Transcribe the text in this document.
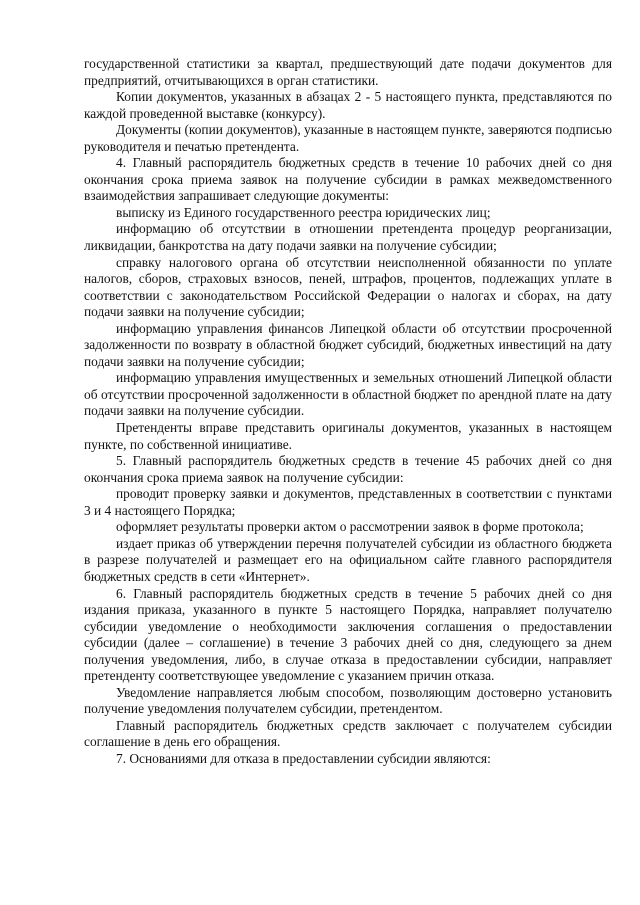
государственной статистики за квартал, предшествующий дате подачи документов для предприятий, отчитывающихся в орган статистики.

Копии документов, указанных в абзацах 2 - 5 настоящего пункта, представляются по каждой проведенной выставке (конкурсу).

Документы (копии документов), указанные в настоящем пункте, заверяются подписью руководителя и печатью претендента.

4. Главный распорядитель бюджетных средств в течение 10 рабочих дней со дня окончания срока приема заявок на получение субсидии в рамках межведомственного взаимодействия запрашивает следующие документы:

выписку из Единого государственного реестра юридических лиц;

информацию об отсутствии в отношении претендента процедур реорганизации, ликвидации, банкротства на дату подачи заявки на получение субсидии;

справку налогового органа об отсутствии неисполненной обязанности по уплате налогов, сборов, страховых взносов, пеней, штрафов, процентов, подлежащих уплате в соответствии с законодательством Российской Федерации о налогах и сборах, на дату подачи заявки на получение субсидии;

информацию управления финансов Липецкой области об отсутствии просроченной задолженности по возврату в областной бюджет субсидий, бюджетных инвестиций на дату подачи заявки на получение субсидии;

информацию управления имущественных и земельных отношений Липецкой области об отсутствии просроченной задолженности в областной бюджет по арендной плате на дату подачи заявки на получение субсидии.

Претенденты вправе представить оригиналы документов, указанных в настоящем пункте, по собственной инициативе.

5. Главный распорядитель бюджетных средств в течение 45 рабочих дней со дня окончания срока приема заявок на получение субсидии:

проводит проверку заявки и документов, представленных в соответствии с пунктами 3 и 4 настоящего Порядка;

оформляет результаты проверки актом о рассмотрении заявок в форме протокола;

издает приказ об утверждении перечня получателей субсидии из областного бюджета в разрезе получателей и размещает его на официальном сайте главного распорядителя бюджетных средств в сети «Интернет».

6. Главный распорядитель бюджетных средств в течение 5 рабочих дней со дня издания приказа, указанного в пункте 5 настоящего Порядка, направляет получателю субсидии уведомление о необходимости заключения соглашения о предоставлении субсидии (далее – соглашение) в течение 3 рабочих дней со дня, следующего за днем получения уведомления, либо, в случае отказа в предоставлении субсидии, направляет претенденту соответствующее уведомление с указанием причин отказа.

Уведомление направляется любым способом, позволяющим достоверно установить получение уведомления получателем субсидии, претендентом.

Главный распорядитель бюджетных средств заключает с получателем субсидии соглашение в день его обращения.

7. Основаниями для отказа в предоставлении субсидии являются:
